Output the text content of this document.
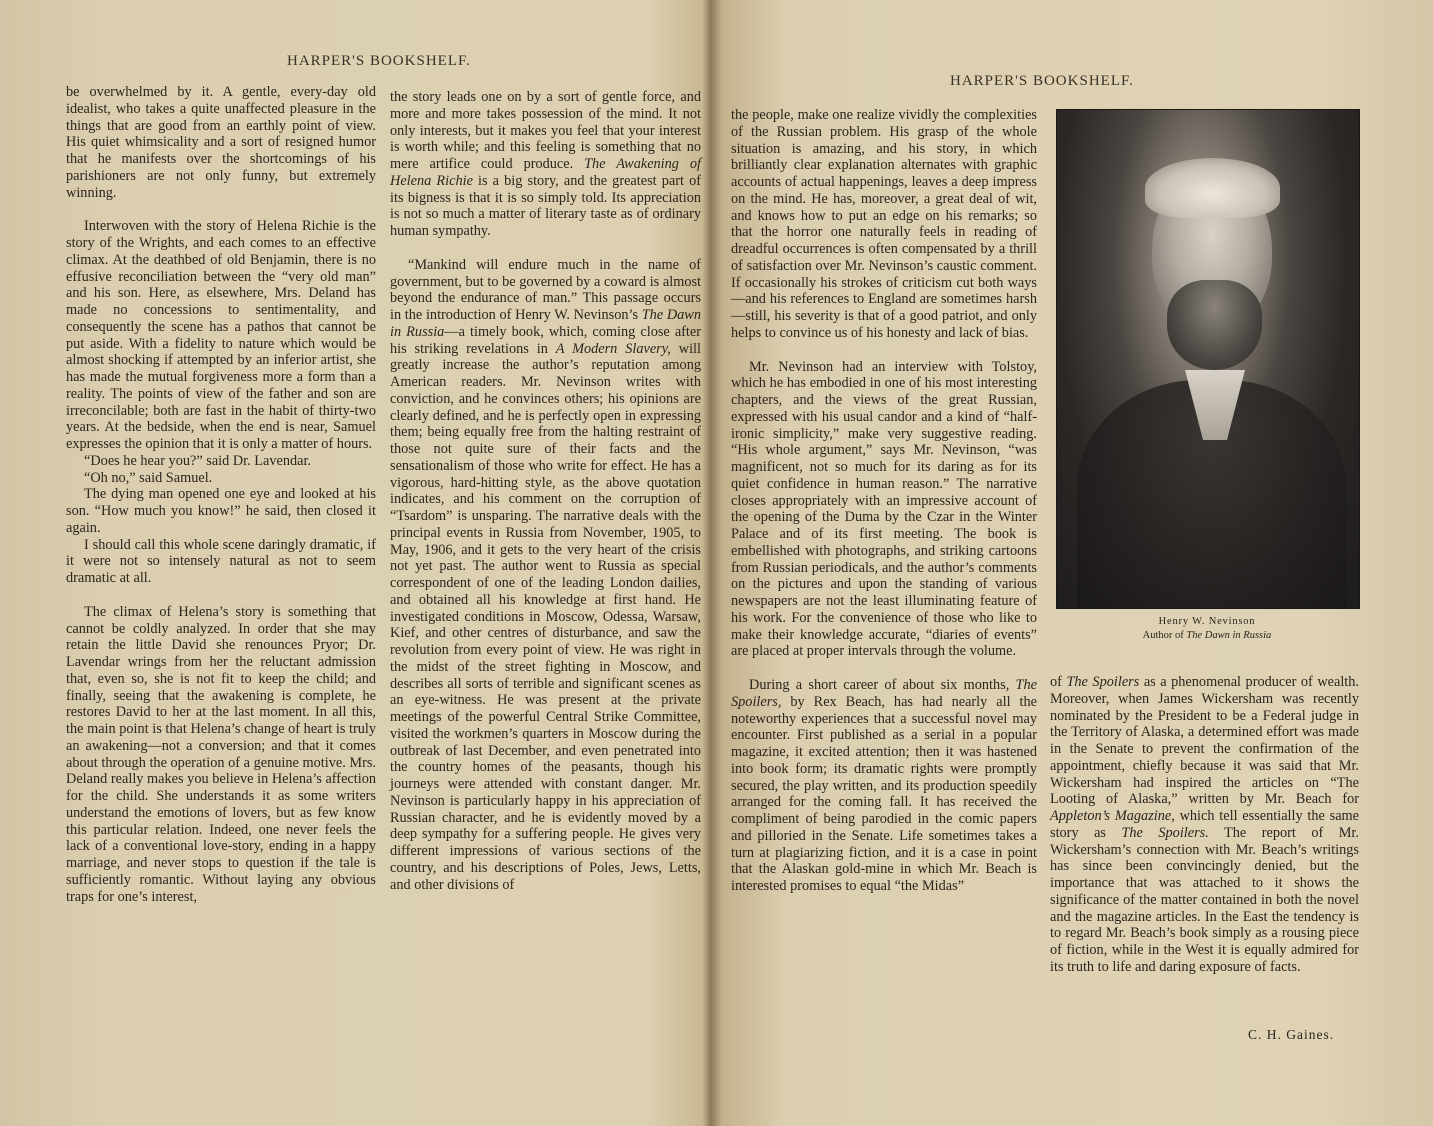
HARPER'S BOOKSHELF.

be overwhelmed by it. A gentle, every-day old idealist, who takes a quite unaffected pleasure in the things that are good from an earthly point of view. His quiet whimsicality and a sort of resigned humor that he manifests over the shortcomings of his parishioners are not only funny, but extremely winning.

Interwoven with the story of Helena Richie is the story of the Wrights, and each comes to an effective climax. At the deathbed of old Benjamin, there is no effusive reconciliation between the “very old man” and his son. Here, as elsewhere, Mrs. Deland has made no concessions to sentimentality, and consequently the scene has a pathos that cannot be put aside. With a fidelity to nature which would be almost shocking if attempted by an inferior artist, she has made the mutual forgiveness more a form than a reality. The points of view of the father and son are irreconcilable; both are fast in the habit of thirty-two years. At the bedside, when the end is near, Samuel expresses the opinion that it is only a matter of hours.

“Does he hear you?” said Dr. Lavendar.

“Oh no,” said Samuel.

The dying man opened one eye and looked at his son. “How much you know!” he said, then closed it again.

I should call this whole scene daringly dramatic, if it were not so intensely natural as not to seem dramatic at all.

The climax of Helena’s story is something that cannot be coldly analyzed. In order that she may retain the little David she renounces Pryor; Dr. Lavendar wrings from her the reluctant admission that, even so, she is not fit to keep the child; and finally, seeing that the awakening is complete, he restores David to her at the last moment. In all this, the main point is that Helena’s change of heart is truly an awakening—not a conversion; and that it comes about through the operation of a genuine motive. Mrs. Deland really makes you believe in Helena’s affection for the child. She understands it as some writers understand the emotions of lovers, but as few know this particular relation. Indeed, one never feels the lack of a conventional love-story, ending in a happy marriage, and never stops to question if the tale is sufficiently romantic. Without laying any obvious traps for one’s interest,

the story leads one on by a sort of gentle force, and more and more takes possession of the mind. It not only interests, but it makes you feel that your interest is worth while; and this feeling is something that no mere artifice could produce. The Awakening of Helena Richie is a big story, and the greatest part of its bigness is that it is so simply told. Its appreciation is not so much a matter of literary taste as of ordinary human sympathy.

“Mankind will endure much in the name of government, but to be governed by a coward is almost beyond the endurance of man.” This passage occurs in the introduction of Henry W. Nevinson’s The Dawn in Russia—a timely book, which, coming close after his striking revelations in A Modern Slavery, will greatly increase the author’s reputation among American readers. Mr. Nevinson writes with conviction, and he convinces others; his opinions are clearly defined, and he is perfectly open in expressing them; being equally free from the halting restraint of those not quite sure of their facts and the sensationalism of those who write for effect. He has a vigorous, hard-hitting style, as the above quotation indicates, and his comment on the corruption of “Tsardom” is unsparing. The narrative deals with the principal events in Russia from November, 1905, to May, 1906, and it gets to the very heart of the crisis not yet past. The author went to Russia as special correspondent of one of the leading London dailies, and obtained all his knowledge at first hand. He investigated conditions in Moscow, Odessa, Warsaw, Kief, and other centres of disturbance, and saw the revolution from every point of view. He was right in the midst of the street fighting in Moscow, and describes all sorts of terrible and significant scenes as an eye-witness. He was present at the private meetings of the powerful Central Strike Committee, visited the workmen’s quarters in Moscow during the outbreak of last December, and even penetrated into the country homes of the peasants, though his journeys were attended with constant danger. Mr. Nevinson is particularly happy in his appreciation of Russian character, and he is evidently moved by a deep sympathy for a suffering people. He gives very different impressions of various sections of the country, and his descriptions of Poles, Jews, Letts, and other divisions of

HARPER'S BOOKSHELF.

the people, make one realize vividly the complexities of the Russian problem. His grasp of the whole situation is amazing, and his story, in which brilliantly clear explanation alternates with graphic accounts of actual happenings, leaves a deep impress on the mind. He has, moreover, a great deal of wit, and knows how to put an edge on his remarks; so that the horror one naturally feels in reading of dreadful occurrences is often compensated by a thrill of satisfaction over Mr. Nevinson’s caustic comment. If occasionally his strokes of criticism cut both ways—and his references to England are sometimes harsh—still, his severity is that of a good patriot, and only helps to convince us of his honesty and lack of bias.

Mr. Nevinson had an interview with Tolstoy, which he has embodied in one of his most interesting chapters, and the views of the great Russian, expressed with his usual candor and a kind of “half-ironic simplicity,” make very suggestive reading. “His whole argument,” says Mr. Nevinson, “was magnificent, not so much for its daring as for its quiet confidence in human reason.” The narrative closes appropriately with an impressive account of the opening of the Duma by the Czar in the Winter Palace and of its first meeting. The book is embellished with photographs, and striking cartoons from Russian periodicals, and the author’s comments on the pictures and upon the standing of various newspapers are not the least illuminating feature of his work. For the convenience of those who like to make their knowledge accurate, “diaries of events” are placed at proper intervals through the volume.

During a short career of about six months, The Spoilers, by Rex Beach, has had nearly all the noteworthy experiences that a successful novel may encounter. First published as a serial in a popular magazine, it excited attention; then it was hastened into book form; its dramatic rights were promptly secured, the play written, and its production speedily arranged for the coming fall. It has received the compliment of being parodied in the comic papers and pilloried in the Senate. Life sometimes takes a turn at plagiarizing fiction, and it is a case in point that the Alaskan gold-mine in which Mr. Beach is interested promises to equal “the Midas”

Henry W. Nevinson
Author of The Dawn in Russia

of The Spoilers as a phenomenal producer of wealth. Moreover, when James Wickersham was recently nominated by the President to be a Federal judge in the Territory of Alaska, a determined effort was made in the Senate to prevent the confirmation of the appointment, chiefly because it was said that Mr. Wickersham had inspired the articles on “The Looting of Alaska,” written by Mr. Beach for Appleton’s Magazine, which tell essentially the same story as The Spoilers. The report of Mr. Wickersham’s connection with Mr. Beach’s writings has since been convincingly denied, but the importance that was attached to it shows the significance of the matter contained in both the novel and the magazine articles. In the East the tendency is to regard Mr. Beach’s book simply as a rousing piece of fiction, while in the West it is equally admired for its truth to life and daring exposure of facts.

C. H. Gaines.
